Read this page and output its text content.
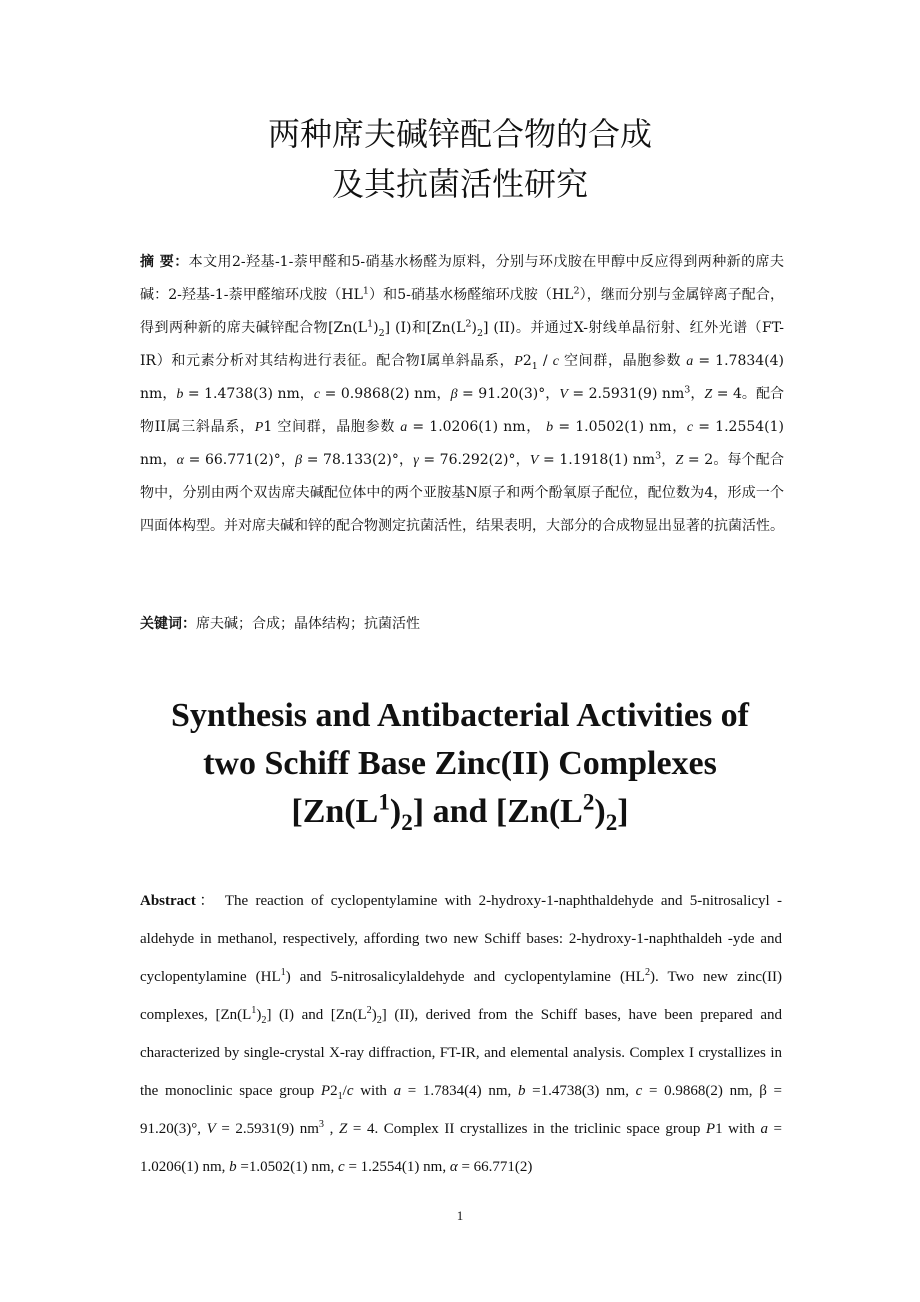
两种席夫碱锌配合物的合成
及其抗菌活性研究
摘 要：本文用2-羟基-1-萘甲醛和5-硝基水杨醛为原料，分别与环戊胺在甲醇中反应得到两种新的席夫碱：2-羟基-1-萘甲醛缩环戊胺$(HL^1)$和5-硝基水杨醛缩环戊胺$(HL^2)$，继而分别与金属锌离子配合，得到两种新的席夫碱锌配合物$[Zn(L^1)_2]$ (I)和$[Zn(L^2)_2]$ (II)。并通过X-射线单晶衍射、红外光谱（FT-IR）和元素分析对其结构进行表征。配合物I属单斜晶系，$P2_1$ / c 空间群，晶胞参数 a = 1.7834(4) nm，b = 1.4738(3) nm，c = 0.9868(2) nm，β = 91.20(3)°，V = 2.5931(9) $nm^3$，Z = 4。配合物II属三斜晶系，P1 空间群，晶胞参数 a = 1.0206(1) nm， b = 1.0502(1) nm，c = 1.2554(1) nm，α = 66.771(2)°，β = 78.133(2)°，γ = 76.292(2)°，V = 1.1918(1) $nm^3$，Z = 2。每个配合物中，分别由两个双齿席夫碱配位体中的两个亚胺基N原子和两个酚氧原子配位，配位数为4，形成一个四面体构型。并对席夫碱和锌的配合物测定抗菌活性，结果表明，大部分的合成物显出显著的抗菌活性。
关键词：席夫碱；合成；晶体结构；抗菌活性
Synthesis and Antibacterial Activities of
two Schiff Base Zinc(II) Complexes
$[Zn(L^1)_2]$ and $[Zn(L^2)_2]$
Abstract： The reaction of cyclopentylamine with 2-hydroxy-1-naphthaldehyde and 5-nitrosalicyl -aldehyde in methanol, respectively, affording two new Schiff bases: 2-hydroxy-1-naphthaldeh -yde and cyclopentylamine $(HL^1)$ and 5-nitrosalicylaldehyde and cyclopentylamine $(HL^2)$. Two new zinc(II) complexes, $[Zn(L^1)_2]$ (I) and $[Zn(L^2)_2]$ (II), derived from the Schiff bases, have been prepared and characterized by single-crystal X-ray diffraction, FT-IR, and elemental analysis. Complex I crystallizes in the monoclinic space group $P2_1/c$ with a = 1.7834(4) nm, b =1.4738(3) nm, c = 0.9868(2) nm, β = 91.20(3)°, V = 2.5931(9) $nm^3$ , Z = 4. Complex II crystallizes in the triclinic space group P1 with a = 1.0206(1) nm, b =1.0502(1) nm, c = 1.2554(1) nm, α = 66.771(2)
1
